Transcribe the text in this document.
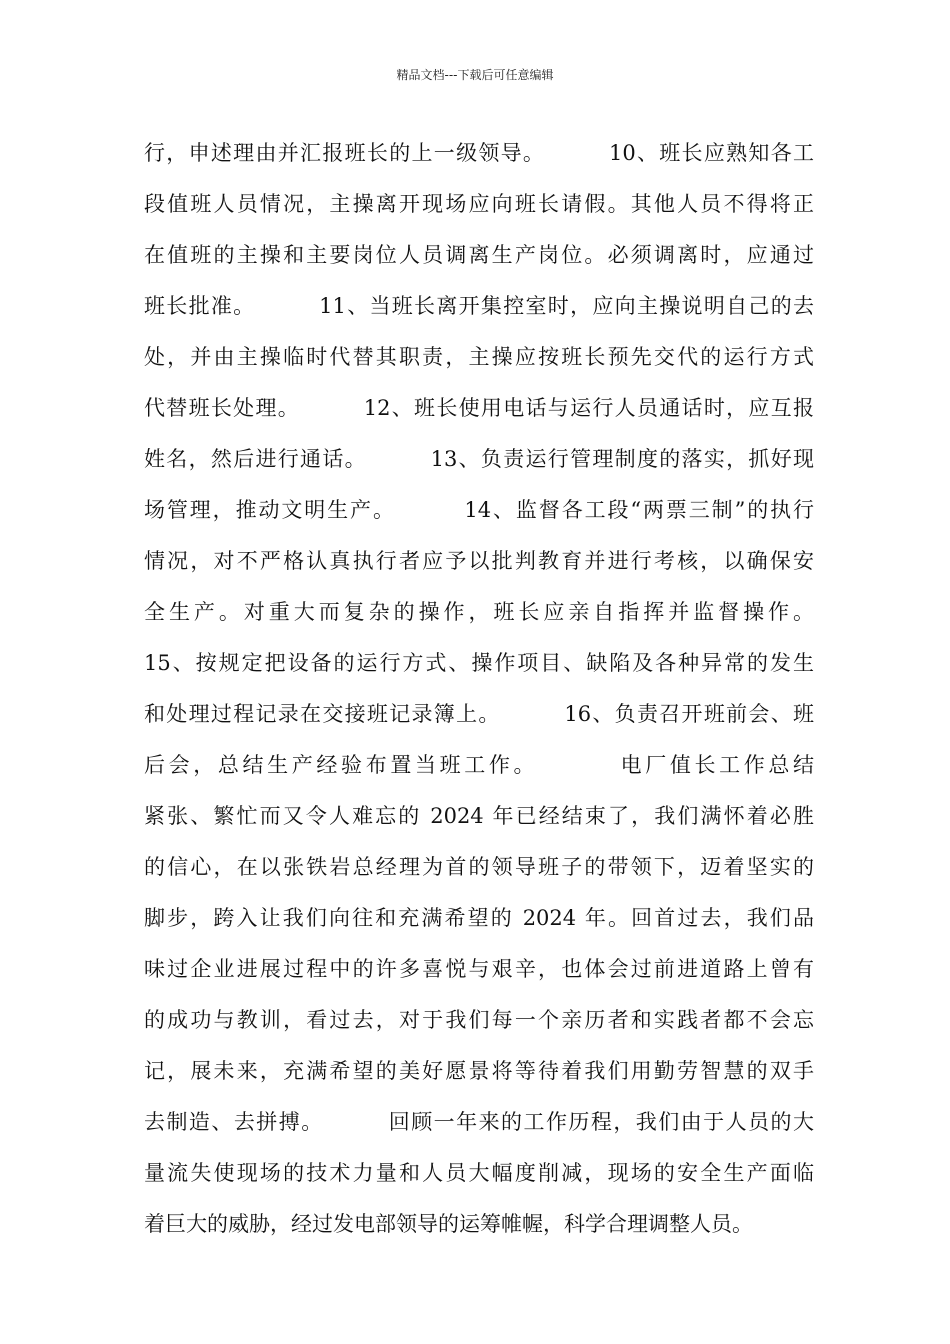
精品文档---下载后可任意编辑
行，申述理由并汇报班长的上一级领导。        10、班长应熟知各工
段值班人员情况，主操离开现场应向班长请假。其他人员不得将正
在值班的主操和主要岗位人员调离生产岗位。必须调离时，应通过
班长批准。        11、当班长离开集控室时，应向主操说明自己的去
处，并由主操临时代替其职责，主操应按班长预先交代的运行方式
代替班长处理。        12、班长使用电话与运行人员通话时，应互报
姓名，然后进行通话。        13、负责运行管理制度的落实，抓好现
场管理，推动文明生产。        14、监督各工段“两票三制”的执行
情况，对不严格认真执行者应予以批判教育并进行考核，以确保安
全生产。对重大而复杂的操作，班长应亲自指挥并监督操作。
15、按规定把设备的运行方式、操作项目、缺陷及各种异常的发生
和处理过程记录在交接班记录簿上。        16、负责召开班前会、班
后会，总结生产经验布置当班工作。        电厂值长工作总结
紧张、繁忙而又令人难忘的 2024 年已经结束了，我们满怀着必胜
的信心，在以张铁岩总经理为首的领导班子的带领下，迈着坚实的
脚步，跨入让我们向往和充满希望的 2024 年。回首过去，我们品
味过企业进展过程中的许多喜悦与艰辛，也体会过前进道路上曾有
的成功与教训，看过去，对于我们每一个亲历者和实践者都不会忘
记，展未来，充满希望的美好愿景将等待着我们用勤劳智慧的双手
去制造、去拼搏。        回顾一年来的工作历程，我们由于人员的大
量流失使现场的技术力量和人员大幅度削减，现场的安全生产面临
着巨大的威胁，经过发电部领导的运筹帷幄，科学合理调整人员。
